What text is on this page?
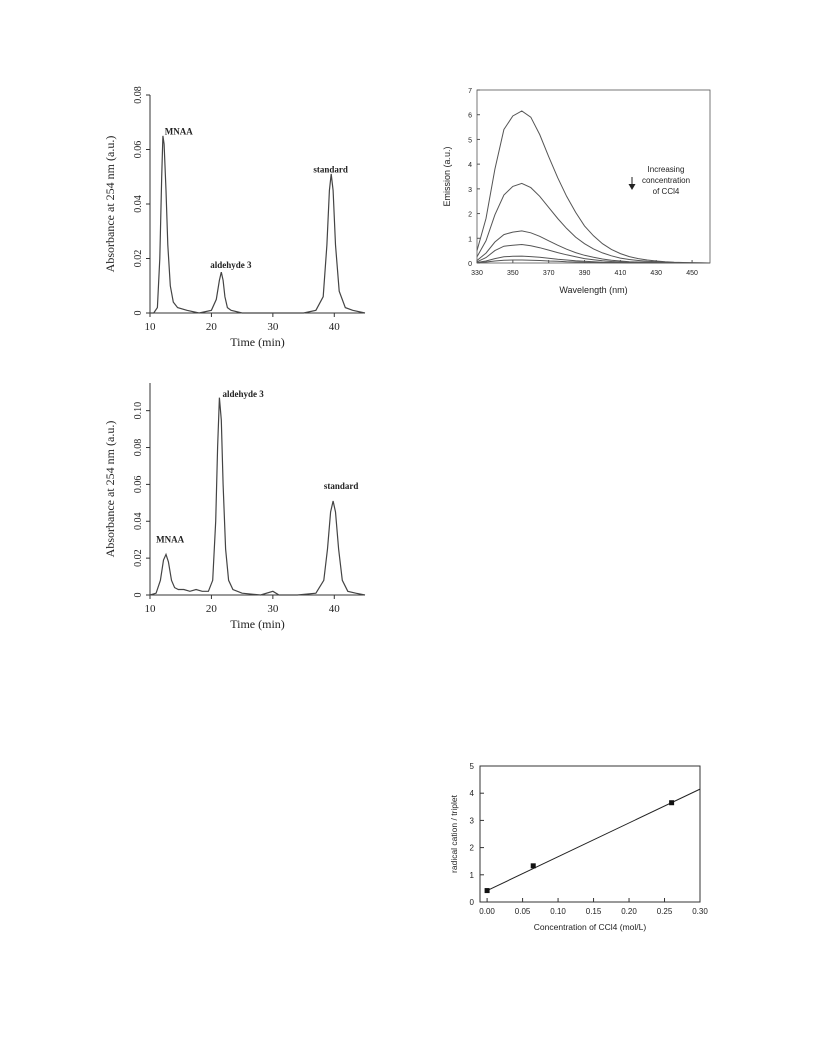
10	20	30	40
0
0.02
0.04
0.06
0.08
Time (min)
Absorbance at 254 nm (a.u.)
MNAA
aldehyde 3
standard
330	350	370	390	410	430	450
0
1
2
3
4
5
6
7
Wavelength (nm)
Emission (a.u.)	Increasing
concentration
of CCl4
10	20	30	40
0
0.02
0.04
0.06
0.08
0.10
Time (min)
Absorbance at 254 nm (a.u.)
aldehyde 3
MNAA
standard
0.00 0.05 0.10 0.15 0.20 0.25 0.30
0
1
2
3
4
5
Concentration of CCl4 (mol/L)
radical cation / triplet
